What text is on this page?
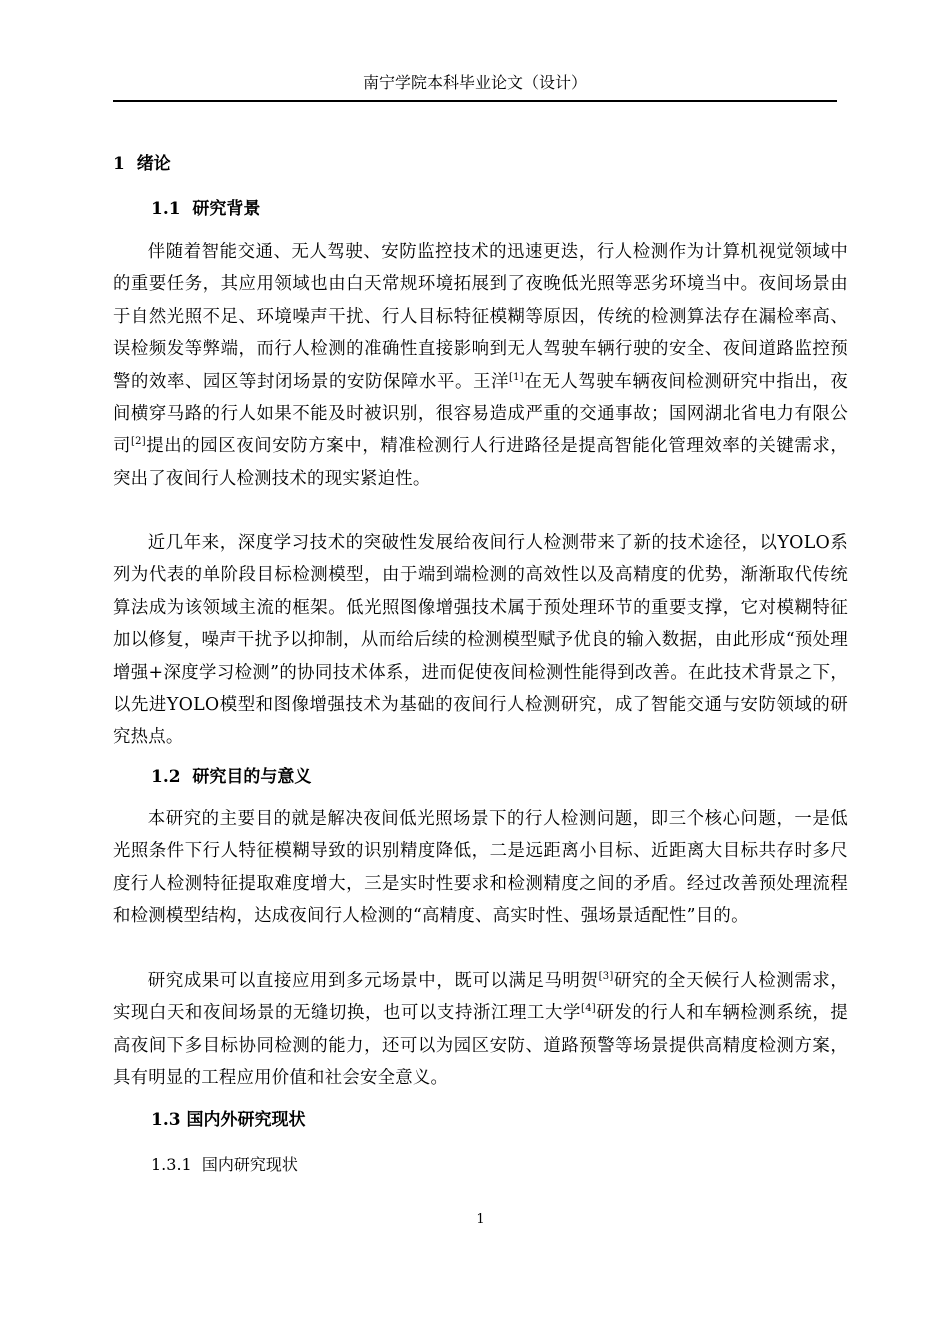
南宁学院本科毕业论文（设计）
1 绪论
1.1 研究背景

伴随着智能交通、无人驾驶、安防监控技术的迅速更迭，行人检测作为计算机视觉领域中的重要任务，其应用领域也由白天常规环境拓展到了夜晚低光照等恶劣环境当中。夜间场景由于自然光照不足、环境噪声干扰、行人目标特征模糊等原因，传统的检测算法存在漏检率高、误检频发等弊端，而行人检测的准确性直接影响到无人驾驶车辆行驶的安全、夜间道路监控预警的效率、园区等封闭场景的安防保障水平。王洋[1]在无人驾驶车辆夜间检测研究中指出，夜间横穿马路的行人如果不能及时被识别，很容易造成严重的交通事故；国网湖北省电力有限公司[2]提出的园区夜间安防方案中，精准检测行人行进路径是提高智能化管理效率的关键需求，突出了夜间行人检测技术的现实紧迫性。

近几年来，深度学习技术的突破性发展给夜间行人检测带来了新的技术途径，以YOLO系列为代表的单阶段目标检测模型，由于端到端检测的高效性以及高精度的优势，渐渐取代传统算法成为该领域主流的框架。低光照图像增强技术属于预处理环节的重要支撑，它对模糊特征加以修复，噪声干扰予以抑制，从而给后续的检测模型赋予优良的输入数据，由此形成“预处理增强+深度学习检测”的协同技术体系，进而促使夜间检测性能得到改善。在此技术背景之下，以先进YOLO模型和图像增强技术为基础的夜间行人检测研究，成了智能交通与安防领域的研究热点。

1.2 研究目的与意义

本研究的主要目的就是解决夜间低光照场景下的行人检测问题，即三个核心问题，一是低光照条件下行人特征模糊导致的识别精度降低，二是远距离小目标、近距离大目标共存时多尺度行人检测特征提取难度增大，三是实时性要求和检测精度之间的矛盾。经过改善预处理流程和检测模型结构，达成夜间行人检测的“高精度、高实时性、强场景适配性”目的。

研究成果可以直接应用到多元场景中，既可以满足马明贺[3]研究的全天候行人检测需求，实现白天和夜间场景的无缝切换，也可以支持浙江理工大学[4]研发的行人和车辆检测系统，提高夜间下多目标协同检测的能力，还可以为园区安防、道路预警等场景提供高精度检测方案，具有明显的工程应用价值和社会安全意义。

1.3 国内外研究现状
1.3.1 国内研究现状
1
